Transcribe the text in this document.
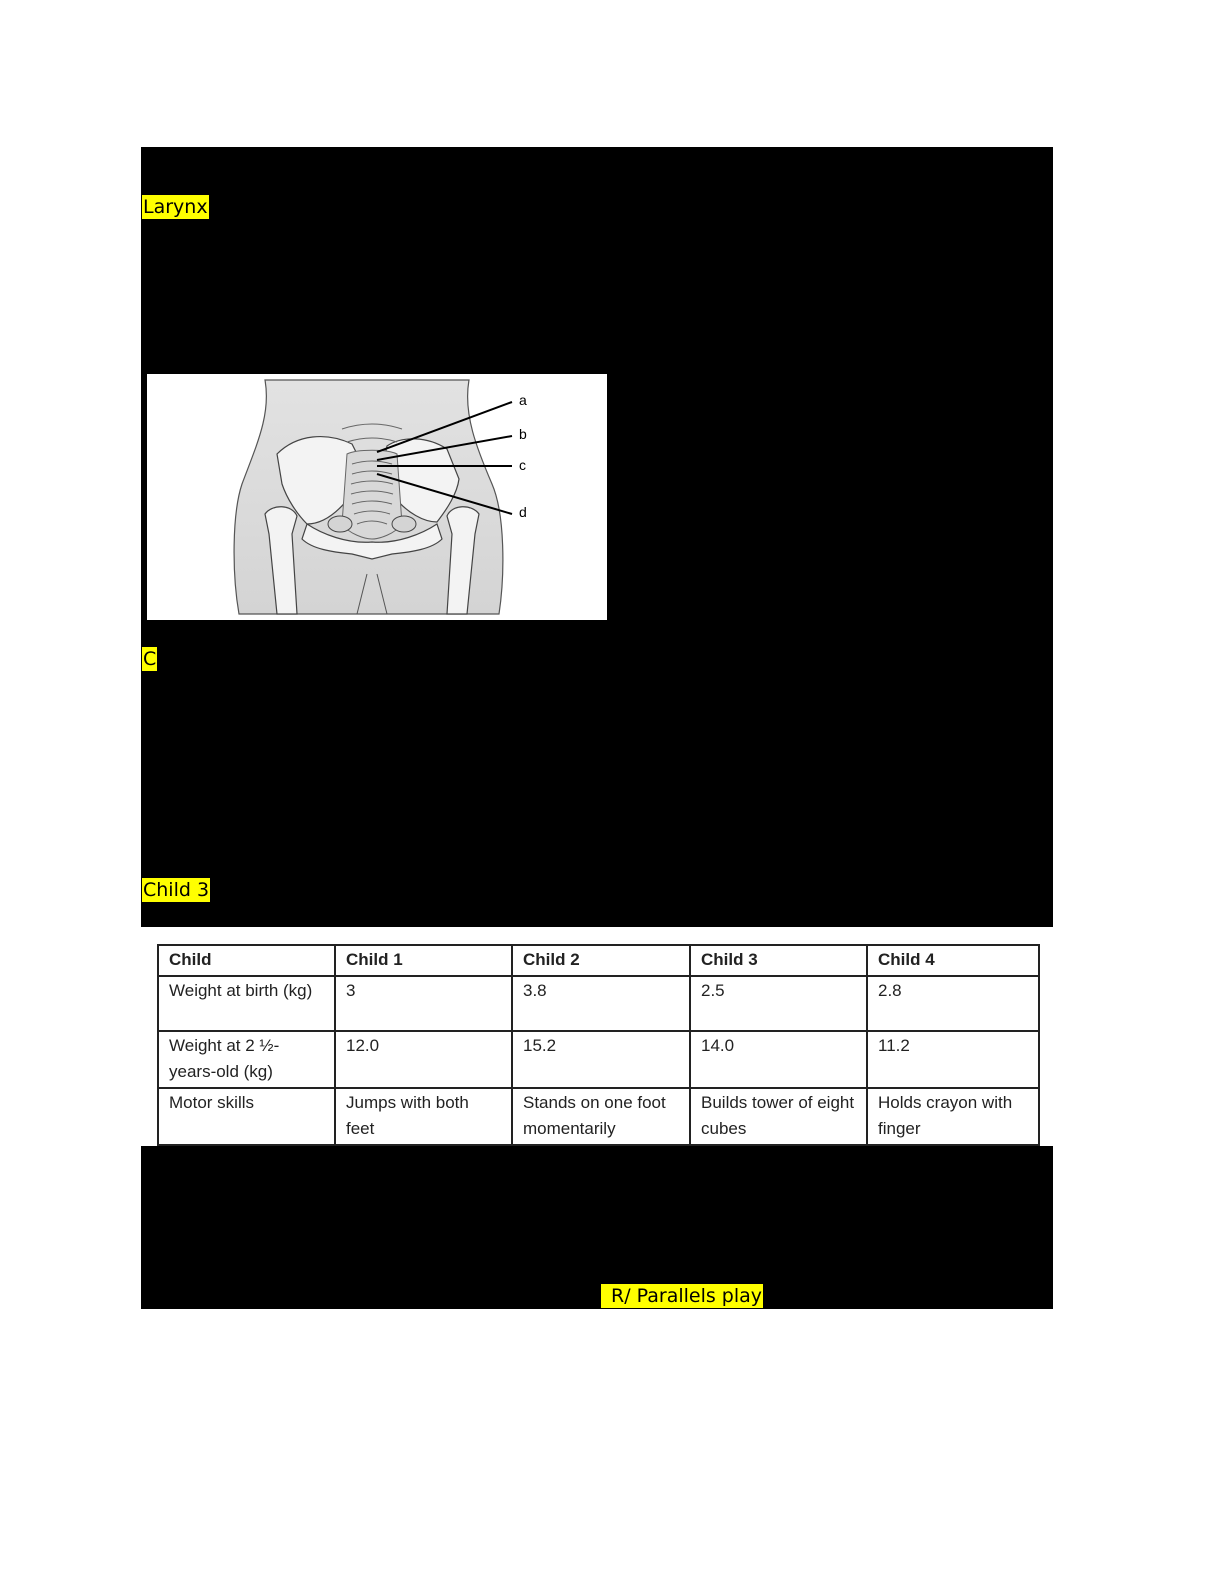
Larynx
a
b
c
d
C
Child 3
Child	Child 1	Child 2	Child 3	Child 4
Weight at birth (kg)	3	3.8	2.5	2.8
Weight at 2 ½-years-old (kg)	12.0	15.2	14.0	11.2
Motor skills	Jumps with both feet	Stands on one foot momentarily	Builds tower of eight cubes	Holds crayon with finger
R/ Parallels play
